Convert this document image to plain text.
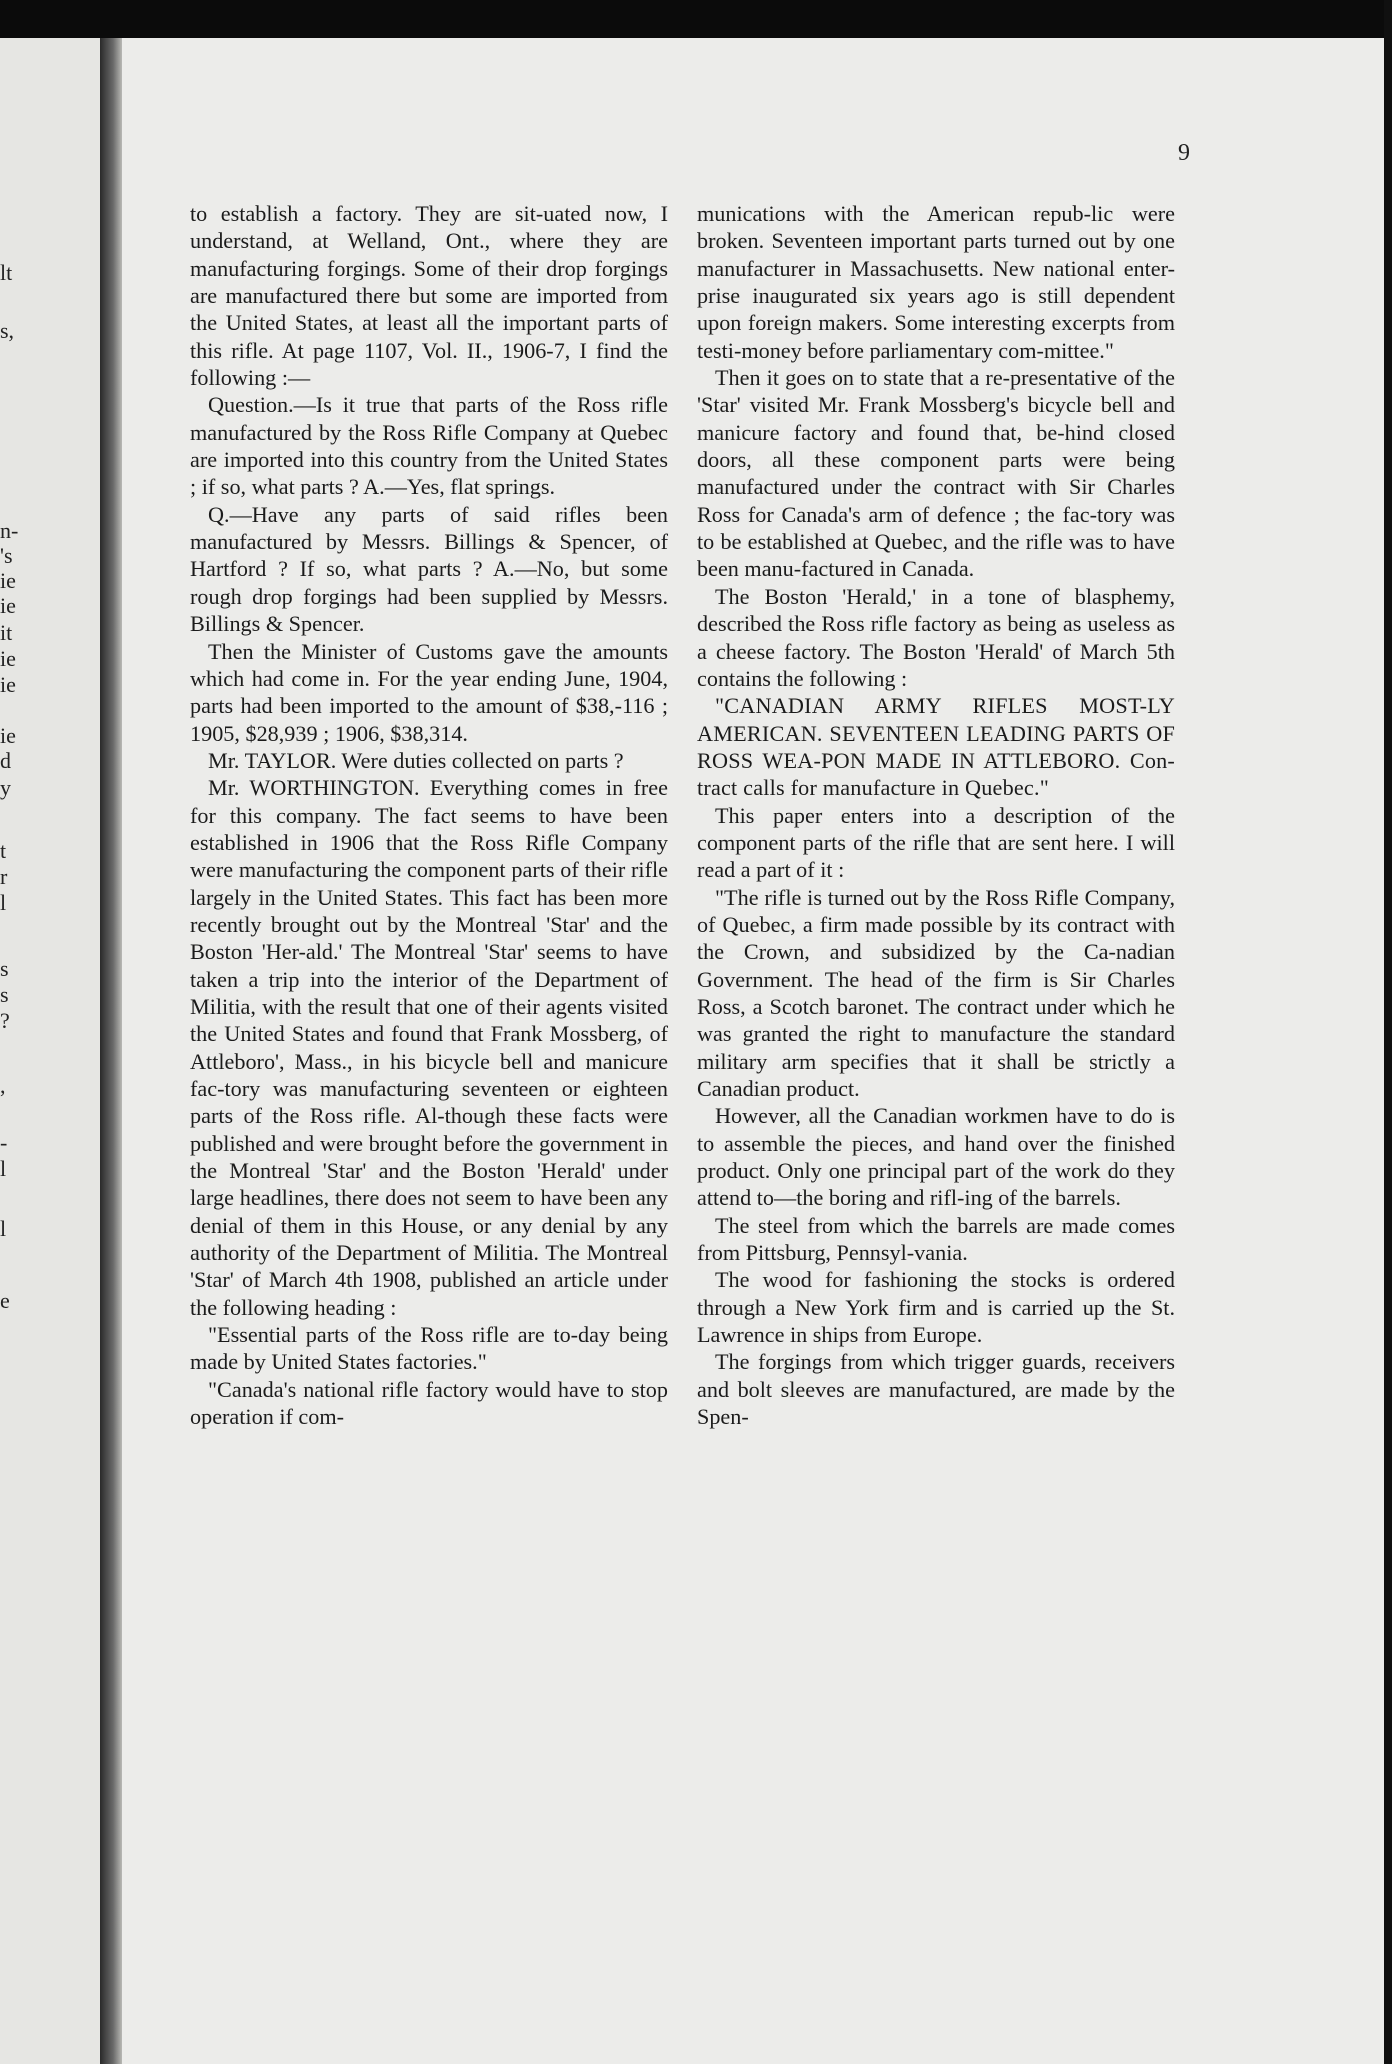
lt
s,
n-
's
ie
ie
it
ie
ie
ie
d
y
t
r
l
s
s
?
,
-
l
l
e
9

to establish a factory. They are sit-uated now, I understand, at Welland, Ont., where they are manufacturing forgings. Some of their drop forgings are manufactured there but some are imported from the United States, at least all the important parts of this rifle. At page 1107, Vol. II., 1906-7, I find the following :—

Question.—Is it true that parts of the Ross rifle manufactured by the Ross Rifle Company at Quebec are imported into this country from the United States ; if so, what parts ? A.—Yes, flat springs.

Q.—Have any parts of said rifles been manufactured by Messrs. Billings & Spencer, of Hartford ? If so, what parts ? A.—No, but some rough drop forgings had been supplied by Messrs. Billings & Spencer.

Then the Minister of Customs gave the amounts which had come in. For the year ending June, 1904, parts had been imported to the amount of $38,-116 ; 1905, $28,939 ; 1906, $38,314.

Mr. TAYLOR. Were duties collected on parts ?

Mr. WORTHINGTON. Everything comes in free for this company. The fact seems to have been established in 1906 that the Ross Rifle Company were manufacturing the component parts of their rifle largely in the United States. This fact has been more recently brought out by the Montreal 'Star' and the Boston 'Her-ald.' The Montreal 'Star' seems to have taken a trip into the interior of the Department of Militia, with the result that one of their agents visited the United States and found that Frank Mossberg, of Attleboro', Mass., in his bicycle bell and manicure fac-tory was manufacturing seventeen or eighteen parts of the Ross rifle. Al-though these facts were published and were brought before the government in the Montreal 'Star' and the Boston 'Herald' under large headlines, there does not seem to have been any denial of them in this House, or any denial by any authority of the Department of Militia. The Montreal 'Star' of March 4th 1908, published an article under the following heading :

"Essential parts of the Ross rifle are to-day being made by United States factories."

"Canada's national rifle factory would have to stop operation if com-

munications with the American repub-lic were broken. Seventeen important parts turned out by one manufacturer in Massachusetts. New national enter-prise inaugurated six years ago is still dependent upon foreign makers. Some interesting excerpts from testi-money before parliamentary com-mittee."

Then it goes on to state that a re-presentative of the 'Star' visited Mr. Frank Mossberg's bicycle bell and manicure factory and found that, be-hind closed doors, all these component parts were being manufactured under the contract with Sir Charles Ross for Canada's arm of defence ; the fac-tory was to be established at Quebec, and the rifle was to have been manu-factured in Canada.

The Boston 'Herald,' in a tone of blasphemy, described the Ross rifle factory as being as useless as a cheese factory. The Boston 'Herald' of March 5th contains the following :

"CANADIAN ARMY RIFLES MOST-LY AMERICAN. SEVENTEEN LEADING PARTS OF ROSS WEA-PON MADE IN ATTLEBORO. Con-tract calls for manufacture in Quebec."

This paper enters into a description of the component parts of the rifle that are sent here. I will read a part of it :

"The rifle is turned out by the Ross Rifle Company, of Quebec, a firm made possible by its contract with the Crown, and subsidized by the Ca-nadian Government. The head of the firm is Sir Charles Ross, a Scotch baronet. The contract under which he was granted the right to manufacture the standard military arm specifies that it shall be strictly a Canadian product.

However, all the Canadian workmen have to do is to assemble the pieces, and hand over the finished product. Only one principal part of the work do they attend to—the boring and rifl-ing of the barrels.

The steel from which the barrels are made comes from Pittsburg, Pennsyl-vania.

The wood for fashioning the stocks is ordered through a New York firm and is carried up the St. Lawrence in ships from Europe.

The forgings from which trigger guards, receivers and bolt sleeves are manufactured, are made by the Spen-
